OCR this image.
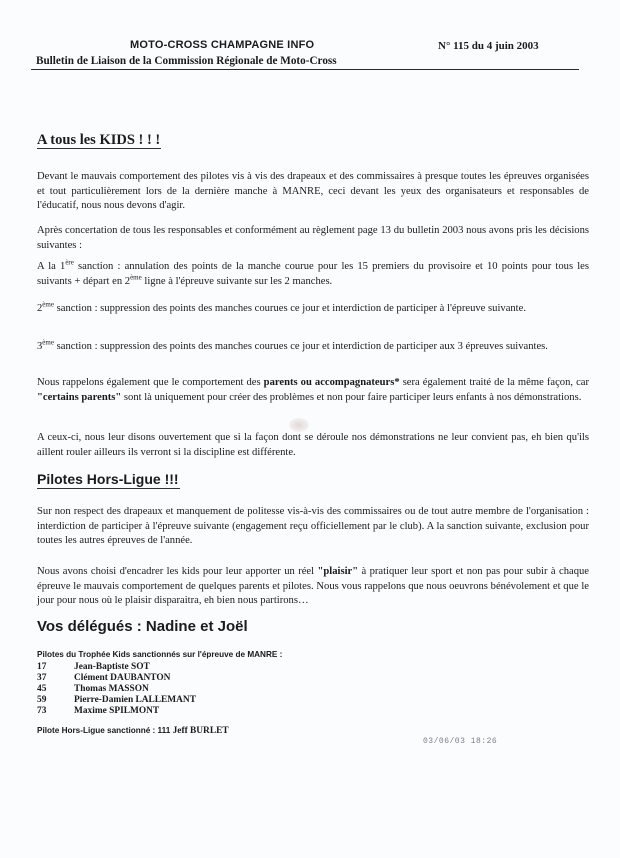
MOTO-CROSS CHAMPAGNE INFO	N° 115 du 4 juin 2003
Bulletin de Liaison de la Commission Régionale de Moto-Cross
A tous les KIDS ! ! !
Devant le mauvais comportement des pilotes vis à vis des drapeaux et des commissaires à presque toutes les épreuves organisées et tout particulièrement lors de la dernière manche à MANRE, ceci devant les yeux des organisateurs et responsables de l'éducatif, nous nous devons d'agir.
Après concertation de tous les responsables et conformément au règlement page 13 du bulletin 2003 nous avons pris les décisions suivantes :
A la 1ère sanction : annulation des points de la manche courue pour les 15 premiers du provisoire et 10 points pour tous les suivants + départ en 2ème ligne à l'épreuve suivante sur les 2 manches.
2ème sanction : suppression des points des manches courues ce jour et interdiction de participer à l'épreuve suivante.
3ème sanction : suppression des points des manches courues ce jour et interdiction de participer aux 3 épreuves suivantes.
Nous rappelons également que le comportement des parents ou accompagnateurs* sera également traité de la même façon, car "certains parents" sont là uniquement pour créer des problèmes et non pour faire participer leurs enfants à nos démonstrations.
A ceux-ci, nous leur disons ouvertement que si la façon dont se déroule nos démonstrations ne leur convient pas, eh bien qu'ils aillent rouler ailleurs ils verront si la discipline est différente.
Pilotes Hors-Ligue !!!
Sur non respect des drapeaux et manquement de politesse vis-à-vis des commissaires ou de tout autre membre de l'organisation : interdiction de participer à l'épreuve suivante (engagement reçu officiellement par le club). A la sanction suivante, exclusion pour toutes les autres épreuves de l'année.
Nous avons choisi d'encadrer les kids pour leur apporter un réel "plaisir" à pratiquer leur sport et non pas pour subir à chaque épreuve le mauvais comportement de quelques parents et pilotes. Nous vous rappelons que nous oeuvrons bénévolement et que le jour pour nous où le plaisir disparaitra, eh bien nous partirons…
Vos délégués : Nadine et Joël
Pilotes du Trophée Kids sanctionnés sur l'épreuve de MANRE :
17	Jean-Baptiste SOT
37	Clément DAUBANTON
45	Thomas MASSON
59	Pierre-Damien LALLEMANT
73	Maxime SPILMONT
Pilote Hors-Ligue sanctionné : 111 Jeff BURLET
03/06/03 18:26
